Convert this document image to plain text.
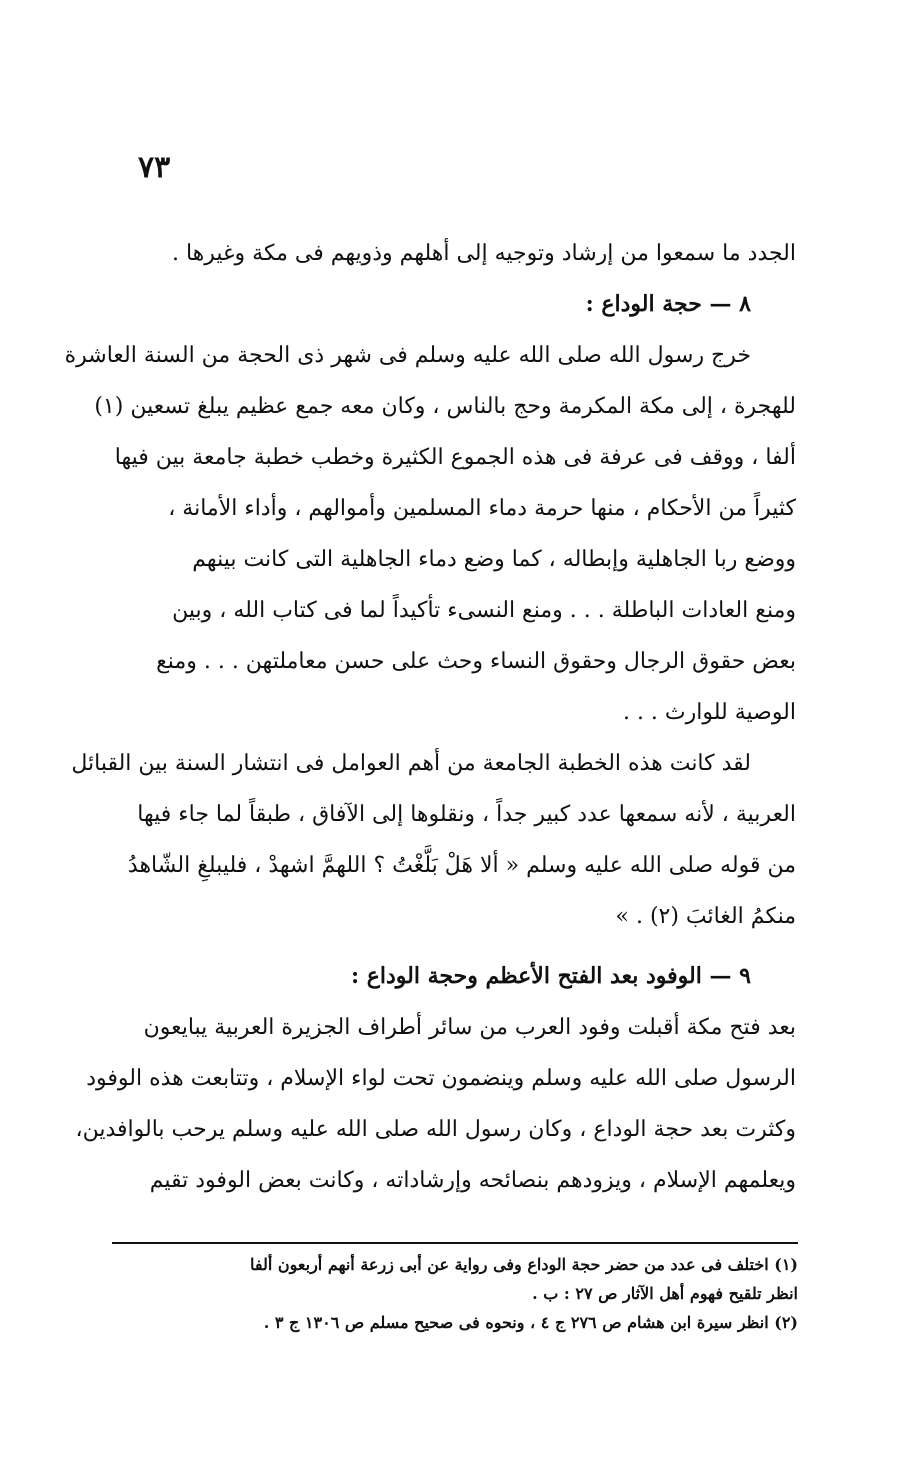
٧٣
الجدد ما سمعوا من إرشاد وتوجيه إلى أهلهم وذويهم فى مكة وغيرها .
٨ — حجة الوداع :
خرج رسول الله صلى الله عليه وسلم فى شهر ذى الحجة من السنة العاشرة
للهجرة ، إلى مكة المكرمة وحج بالناس ، وكان معه جمع عظيم يبلغ تسعين (١)
ألفا ، ووقف فى عرفة فى هذه الجموع الكثيرة وخطب خطبة جامعة بين فيها
كثيراً من الأحكام ، منها حرمة دماء المسلمين وأموالهم ، وأداء الأمانة ،
ووضع ربا الجاهلية وإبطاله ، كما وضع دماء الجاهلية التى كانت بينهم
ومنع العادات الباطلة . . . ومنع النسىء تأكيداً لما فى كتاب الله ، وبين
بعض حقوق الرجال وحقوق النساء وحث على حسن معاملتهن . . . ومنع
الوصية للوارث . . .
لقد كانت هذه الخطبة الجامعة من أهم العوامل فى انتشار السنة بين القبائل
العربية ، لأنه سمعها عدد كبير جداً ، ونقلوها إلى الآفاق ، طبقاً لما جاء فيها
من قوله صلى الله عليه وسلم « ألا هَلْ بَلَّغْتُ ؟ اللهمَّ اشهدْ ، فليبلغِ الشّاهدُ
منكمُ الغائبَ (٢) . »
٩ — الوفود بعد الفتح الأعظم وحجة الوداع :
بعد فتح مكة أقبلت وفود العرب من سائر أطراف الجزيرة العربية يبايعون
الرسول صلى الله عليه وسلم وينضمون تحت لواء الإسلام ، وتتابعت هذه الوفود
وكثرت بعد حجة الوداع ، وكان رسول الله صلى الله عليه وسلم يرحب بالوافدين،
ويعلمهم الإسلام ، ويزودهم بنصائحه وإرشاداته ، وكانت بعض الوفود تقيم
(١) اختلف فى عدد من حضر حجة الوداع وفى رواية عن أبى زرعة أنهم أربعون ألفا
انظر تلقيح فهوم أهل الآثار ص ٢٧ : ب .
(٢) انظر سيرة ابن هشام ص ٢٧٦ ج ٤ ، ونحوه فى صحيح مسلم ص ١٣٠٦ ج ٣ .
